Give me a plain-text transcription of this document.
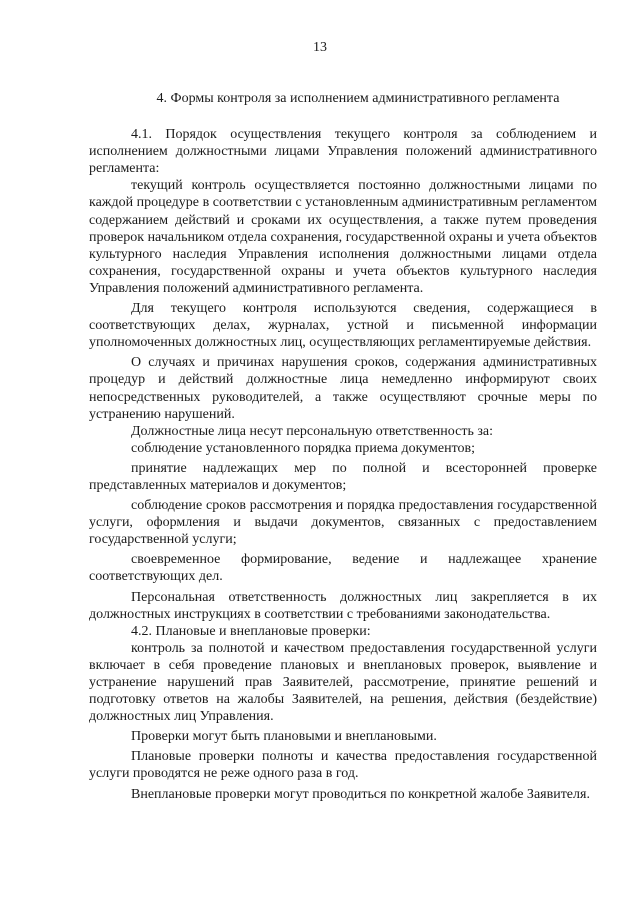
13
4. Формы контроля за исполнением административного регламента

4.1. Порядок осуществления текущего контроля за соблюдением и исполнением должностными лицами Управления положений административного регламента:

текущий контроль осуществляется постоянно должностными лицами по каждой процедуре в соответствии с установленным административным регламентом содержанием действий и сроками их осуществления, а также путем проведения проверок начальником отдела сохранения, государственной охраны и учета объектов культурного наследия Управления исполнения должностными лицами отдела сохранения, государственной охраны и учета объектов культурного наследия Управления положений административного регламента.

Для текущего контроля используются сведения, содержащиеся в соответствующих делах, журналах, устной и письменной информации уполномоченных должностных лиц, осуществляющих регламентируемые действия.

О случаях и причинах нарушения сроков, содержания административных процедур и действий должностные лица немедленно информируют своих непосредственных руководителей, а также осуществляют срочные меры по устранению нарушений.

Должностные лица несут персональную ответственность за:

соблюдение установленного порядка приема документов;

принятие надлежащих мер по полной и всесторонней проверке представленных материалов и документов;

соблюдение сроков рассмотрения и порядка предоставления государственной услуги, оформления и выдачи документов, связанных с предоставлением государственной услуги;

своевременное формирование, ведение и надлежащее хранение соответствующих дел.

Персональная ответственность должностных лиц закрепляется в их должностных инструкциях в соответствии с требованиями законодательства.

4.2. Плановые и внеплановые проверки:

контроль за полнотой и качеством предоставления государственной услуги включает в себя проведение плановых и внеплановых проверок, выявление и устранение нарушений прав Заявителей, рассмотрение, принятие решений и подготовку ответов на жалобы Заявителей, на решения, действия (бездействие) должностных лиц Управления.

Проверки могут быть плановыми и внеплановыми.

Плановые проверки полноты и качества предоставления государственной услуги проводятся не реже одного раза в год.

Внеплановые проверки могут проводиться по конкретной жалобе Заявителя.
